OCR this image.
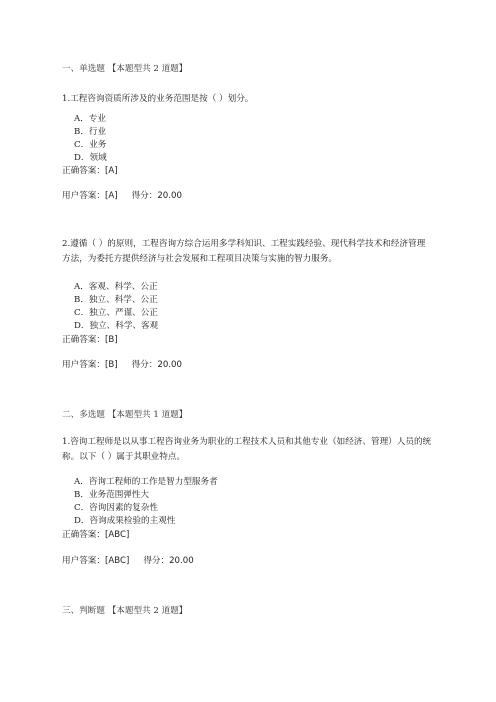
一、单选题 【本题型共 2 道题】
1.工程咨询资质所涉及的业务范围是按（ ）划分。
A．专业
B．行业
C．业务
D．领域
正确答案：[A]
用户答案：[A] 得分：20.00
2.遵循（ ）的原则，工程咨询方综合运用多学科知识、工程实践经验、现代科学技术和经济管理方法，为委托方提供经济与社会发展和工程项目决策与实施的智力服务。
A．客观、科学、公正
B．独立、科学、公正
C．独立、严谨、公正
D．独立、科学、客观
正确答案：[B]
用户答案：[B] 得分：20.00
二、多选题 【本题型共 1 道题】
1.咨询工程师是以从事工程咨询业务为职业的工程技术人员和其他专业（如经济、管理）人员的统称。以下（ ）属于其职业特点。
A．咨询工程师的工作是智力型服务者
B．业务范围弹性大
C．咨询因素的复杂性
D．咨询成果检验的主观性
正确答案：[ABC]
用户答案：[ABC] 得分：20.00
三、判断题 【本题型共 2 道题】
